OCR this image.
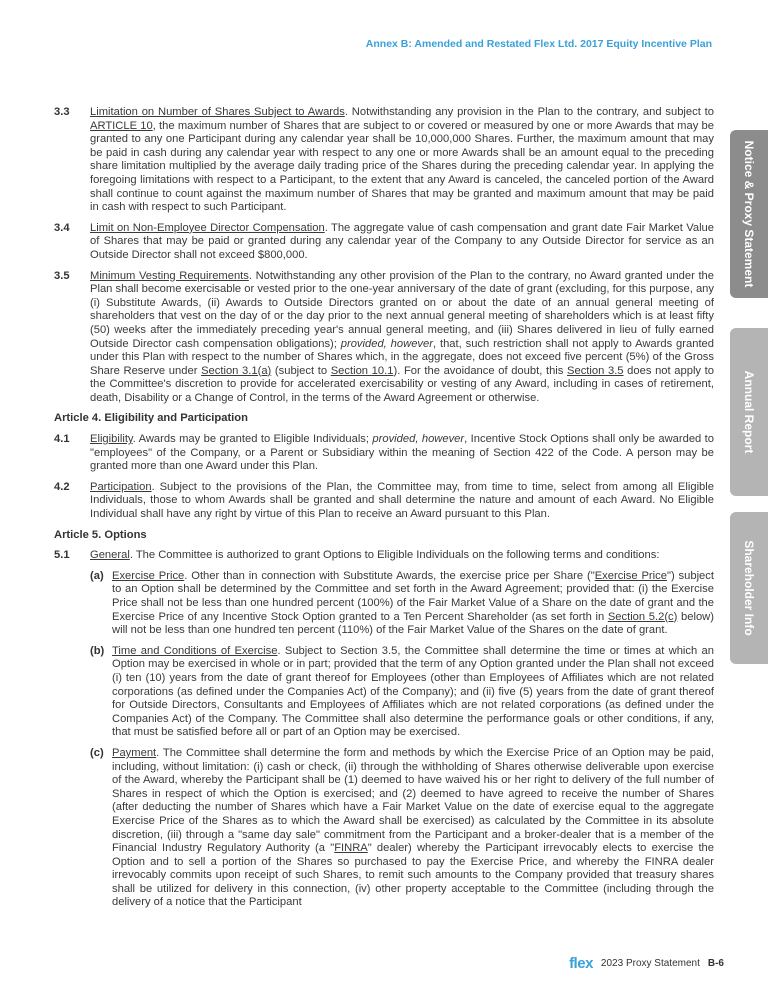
Annex B: Amended and Restated Flex Ltd. 2017 Equity Incentive Plan
Notice & Proxy Statement
Annual Report
Shareholder Info
3.3	Limitation on Number of Shares Subject to Awards. Notwithstanding any provision in the Plan to the contrary, and subject to ARTICLE 10, the maximum number of Shares that are subject to or covered or measured by one or more Awards that may be granted to any one Participant during any calendar year shall be 10,000,000 Shares. Further, the maximum amount that may be paid in cash during any calendar year with respect to any one or more Awards shall be an amount equal to the preceding share limitation multiplied by the average daily trading price of the Shares during the preceding calendar year. In applying the foregoing limitations with respect to a Participant, to the extent that any Award is canceled, the canceled portion of the Award shall continue to count against the maximum number of Shares that may be granted and maximum amount that may be paid in cash with respect to such Participant.
3.4	Limit on Non-Employee Director Compensation. The aggregate value of cash compensation and grant date Fair Market Value of Shares that may be paid or granted during any calendar year of the Company to any Outside Director for service as an Outside Director shall not exceed $800,000.
3.5	Minimum Vesting Requirements. Notwithstanding any other provision of the Plan to the contrary, no Award granted under the Plan shall become exercisable or vested prior to the one-year anniversary of the date of grant (excluding, for this purpose, any (i) Substitute Awards, (ii) Awards to Outside Directors granted on or about the date of an annual general meeting of shareholders that vest on the day of or the day prior to the next annual general meeting of shareholders which is at least fifty (50) weeks after the immediately preceding year's annual general meeting, and (iii) Shares delivered in lieu of fully earned Outside Director cash compensation obligations); provided, however, that, such restriction shall not apply to Awards granted under this Plan with respect to the number of Shares which, in the aggregate, does not exceed five percent (5%) of the Gross Share Reserve under Section 3.1(a) (subject to Section 10.1). For the avoidance of doubt, this Section 3.5 does not apply to the Committee's discretion to provide for accelerated exercisability or vesting of any Award, including in cases of retirement, death, Disability or a Change of Control, in the terms of the Award Agreement or otherwise.
Article 4. Eligibility and Participation
4.1	Eligibility. Awards may be granted to Eligible Individuals; provided, however, Incentive Stock Options shall only be awarded to "employees" of the Company, or a Parent or Subsidiary within the meaning of Section 422 of the Code. A person may be granted more than one Award under this Plan.
4.2	Participation. Subject to the provisions of the Plan, the Committee may, from time to time, select from among all Eligible Individuals, those to whom Awards shall be granted and shall determine the nature and amount of each Award. No Eligible Individual shall have any right by virtue of this Plan to receive an Award pursuant to this Plan.
Article 5. Options
5.1	General. The Committee is authorized to grant Options to Eligible Individuals on the following terms and conditions:
(a) Exercise Price. Other than in connection with Substitute Awards, the exercise price per Share ("Exercise Price") subject to an Option shall be determined by the Committee and set forth in the Award Agreement; provided that: (i) the Exercise Price shall not be less than one hundred percent (100%) of the Fair Market Value of a Share on the date of grant and the Exercise Price of any Incentive Stock Option granted to a Ten Percent Shareholder (as set forth in Section 5.2(c) below) will not be less than one hundred ten percent (110%) of the Fair Market Value of the Shares on the date of grant.
(b) Time and Conditions of Exercise. Subject to Section 3.5, the Committee shall determine the time or times at which an Option may be exercised in whole or in part; provided that the term of any Option granted under the Plan shall not exceed (i) ten (10) years from the date of grant thereof for Employees (other than Employees of Affiliates which are not related corporations (as defined under the Companies Act) of the Company); and (ii) five (5) years from the date of grant thereof for Outside Directors, Consultants and Employees of Affiliates which are not related corporations (as defined under the Companies Act) of the Company. The Committee shall also determine the performance goals or other conditions, if any, that must be satisfied before all or part of an Option may be exercised.
(c) Payment. The Committee shall determine the form and methods by which the Exercise Price of an Option may be paid, including, without limitation: (i) cash or check, (ii) through the withholding of Shares otherwise deliverable upon exercise of the Award, whereby the Participant shall be (1) deemed to have waived his or her right to delivery of the full number of Shares in respect of which the Option is exercised; and (2) deemed to have agreed to receive the number of Shares (after deducting the number of Shares which have a Fair Market Value on the date of exercise equal to the aggregate Exercise Price of the Shares as to which the Award shall be exercised) as calculated by the Committee in its absolute discretion, (iii) through a "same day sale" commitment from the Participant and a broker-dealer that is a member of the Financial Industry Regulatory Authority (a "FINRA" dealer) whereby the Participant irrevocably elects to exercise the Option and to sell a portion of the Shares so purchased to pay the Exercise Price, and whereby the FINRA dealer irrevocably commits upon receipt of such Shares, to remit such amounts to the Company provided that treasury shares shall be utilized for delivery in this connection, (iv) other property acceptable to the Committee (including through the delivery of a notice that the Participant
flex 2023 Proxy Statement B-6
